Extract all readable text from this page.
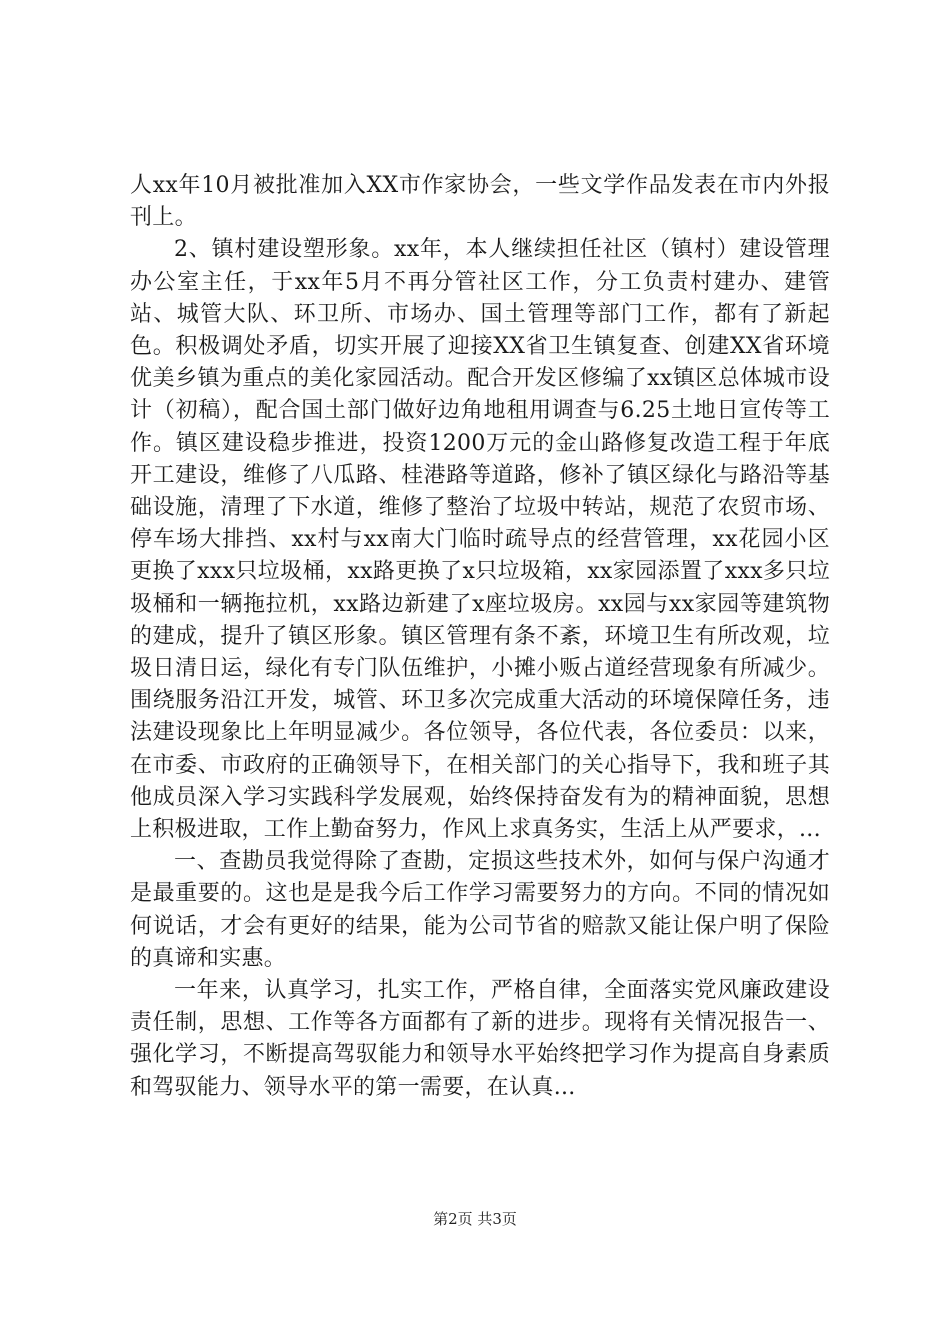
人xx年10月被批准加入XX市作家协会，一些文学作品发表在市内外报刊上。

2、镇村建设塑形象。xx年，本人继续担任社区（镇村）建设管理办公室主任，于xx年5月不再分管社区工作，分工负责村建办、建管站、城管大队、环卫所、市场办、国土管理等部门工作，都有了新起色。积极调处矛盾，切实开展了迎接XX省卫生镇复查、创建XX省环境优美乡镇为重点的美化家园活动。配合开发区修编了xx镇区总体城市设计（初稿），配合国土部门做好边角地租用调查与6.25土地日宣传等工作。镇区建设稳步推进，投资1200万元的金山路修复改造工程于年底开工建设，维修了八瓜路、桂港路等道路，修补了镇区绿化与路沿等基础设施，清理了下水道，维修了整治了垃圾中转站，规范了农贸市场、停车场大排挡、xx村与xx南大门临时疏导点的经营管理，xx花园小区更换了xxx只垃圾桶，xx路更换了x只垃圾箱，xx家园添置了xxx多只垃圾桶和一辆拖拉机，xx路边新建了x座垃圾房。xx园与xx家园等建筑物的建成，提升了镇区形象。镇区管理有条不紊，环境卫生有所改观，垃圾日清日运，绿化有专门队伍维护，小摊小贩占道经营现象有所减少。围绕服务沿江开发，城管、环卫多次完成重大活动的环境保障任务，违法建设现象比上年明显减少。各位领导，各位代表，各位委员：以来，在市委、市政府的正确领导下，在相关部门的关心指导下，我和班子其他成员深入学习实践科学发展观，始终保持奋发有为的精神面貌，思想上积极进取，工作上勤奋努力，作风上求真务实，生活上从严要求，...

一、查勘员我觉得除了查勘，定损这些技术外，如何与保户沟通才是最重要的。这也是是我今后工作学习需要努力的方向。不同的情况如何说话，才会有更好的结果，能为公司节省的赔款又能让保户明了保险的真谛和实惠。

一年来，认真学习，扎实工作，严格自律，全面落实党风廉政建设责任制，思想、工作等各方面都有了新的进步。现将有关情况报告一、强化学习，不断提高驾驭能力和领导水平始终把学习作为提高自身素质和驾驭能力、领导水平的第一需要，在认真...

第2页 共3页
